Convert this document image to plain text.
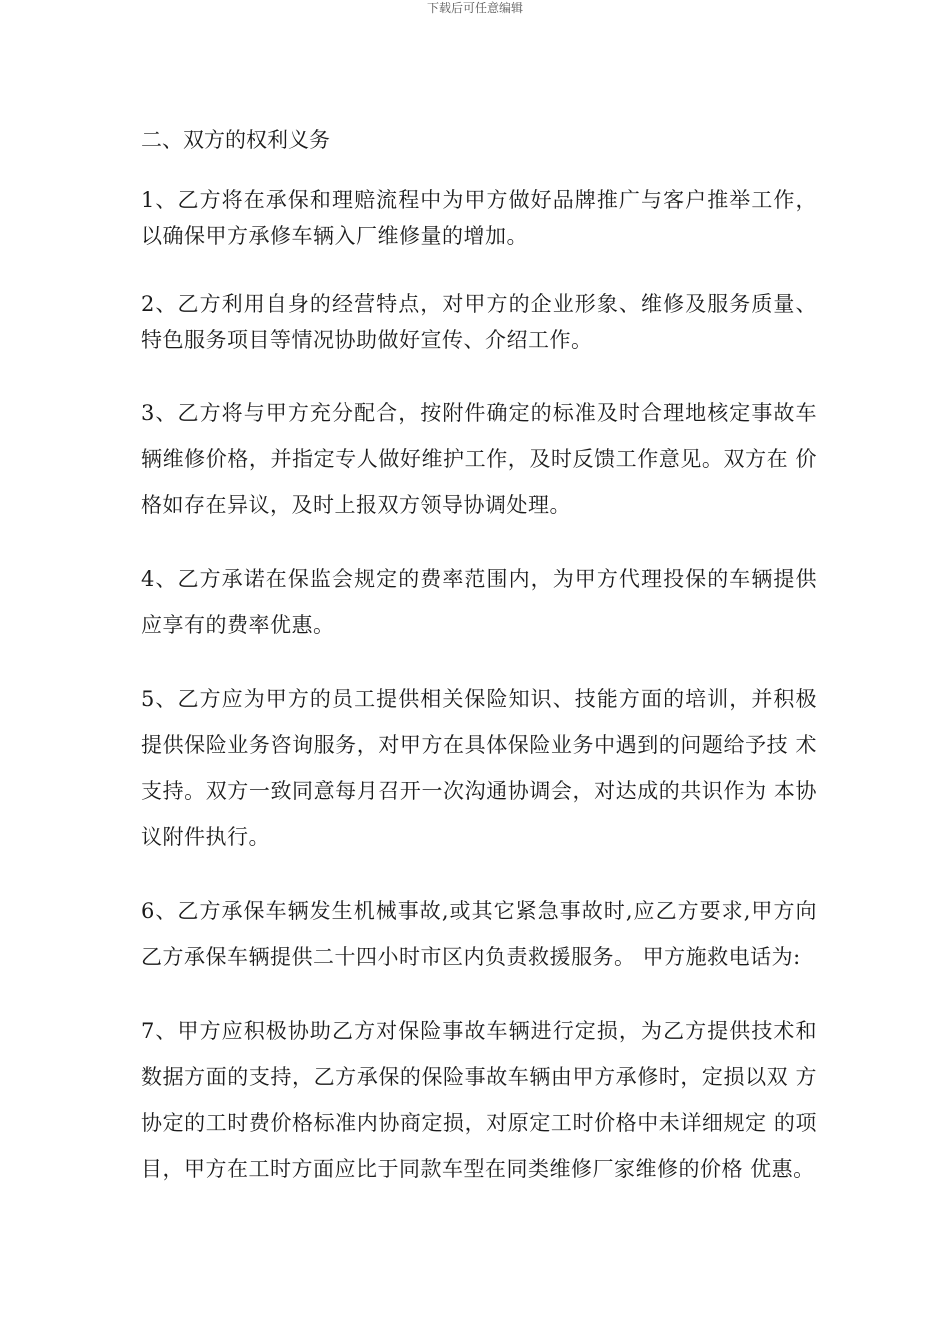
下载后可任意编辑
二、双方的权利义务

1、乙方将在承保和理赔流程中为甲方做好品牌推广与客户推举工作，以确保甲方承修车辆入厂维修量的增加。

2、乙方利用自身的经营特点，对甲方的企业形象、维修及服务质量、特色服务项目等情况协助做好宣传、介绍工作。

3、乙方将与甲方充分配合，按附件确定的标准及时合理地核定事故车 辆维修价格，并指定专人做好维护工作，及时反馈工作意见。双方在 价格如存在异议，及时上报双方领导协调处理。

4、乙方承诺在保监会规定的费率范围内，为甲方代理投保的车辆提供 应享有的费率优惠。

5、乙方应为甲方的员工提供相关保险知识、技能方面的培训，并积极 提供保险业务咨询服务，对甲方在具体保险业务中遇到的问题给予技 术支持。双方一致同意每月召开一次沟通协调会，对达成的共识作为 本协议附件执行。

6、乙方承保车辆发生机械事故,或其它紧急事故时,应乙方要求,甲方向乙方承保车辆提供二十四小时市区内负责救援服务。 甲方施救电话为:

7、甲方应积极协助乙方对保险事故车辆进行定损，为乙方提供技术和 数据方面的支持，乙方承保的保险事故车辆由甲方承修时，定损以双 方协定的工时费价格标准内协商定损，对原定工时价格中未详细规定 的项目，甲方在工时方面应比于同款车型在同类维修厂家维修的价格 优惠。
